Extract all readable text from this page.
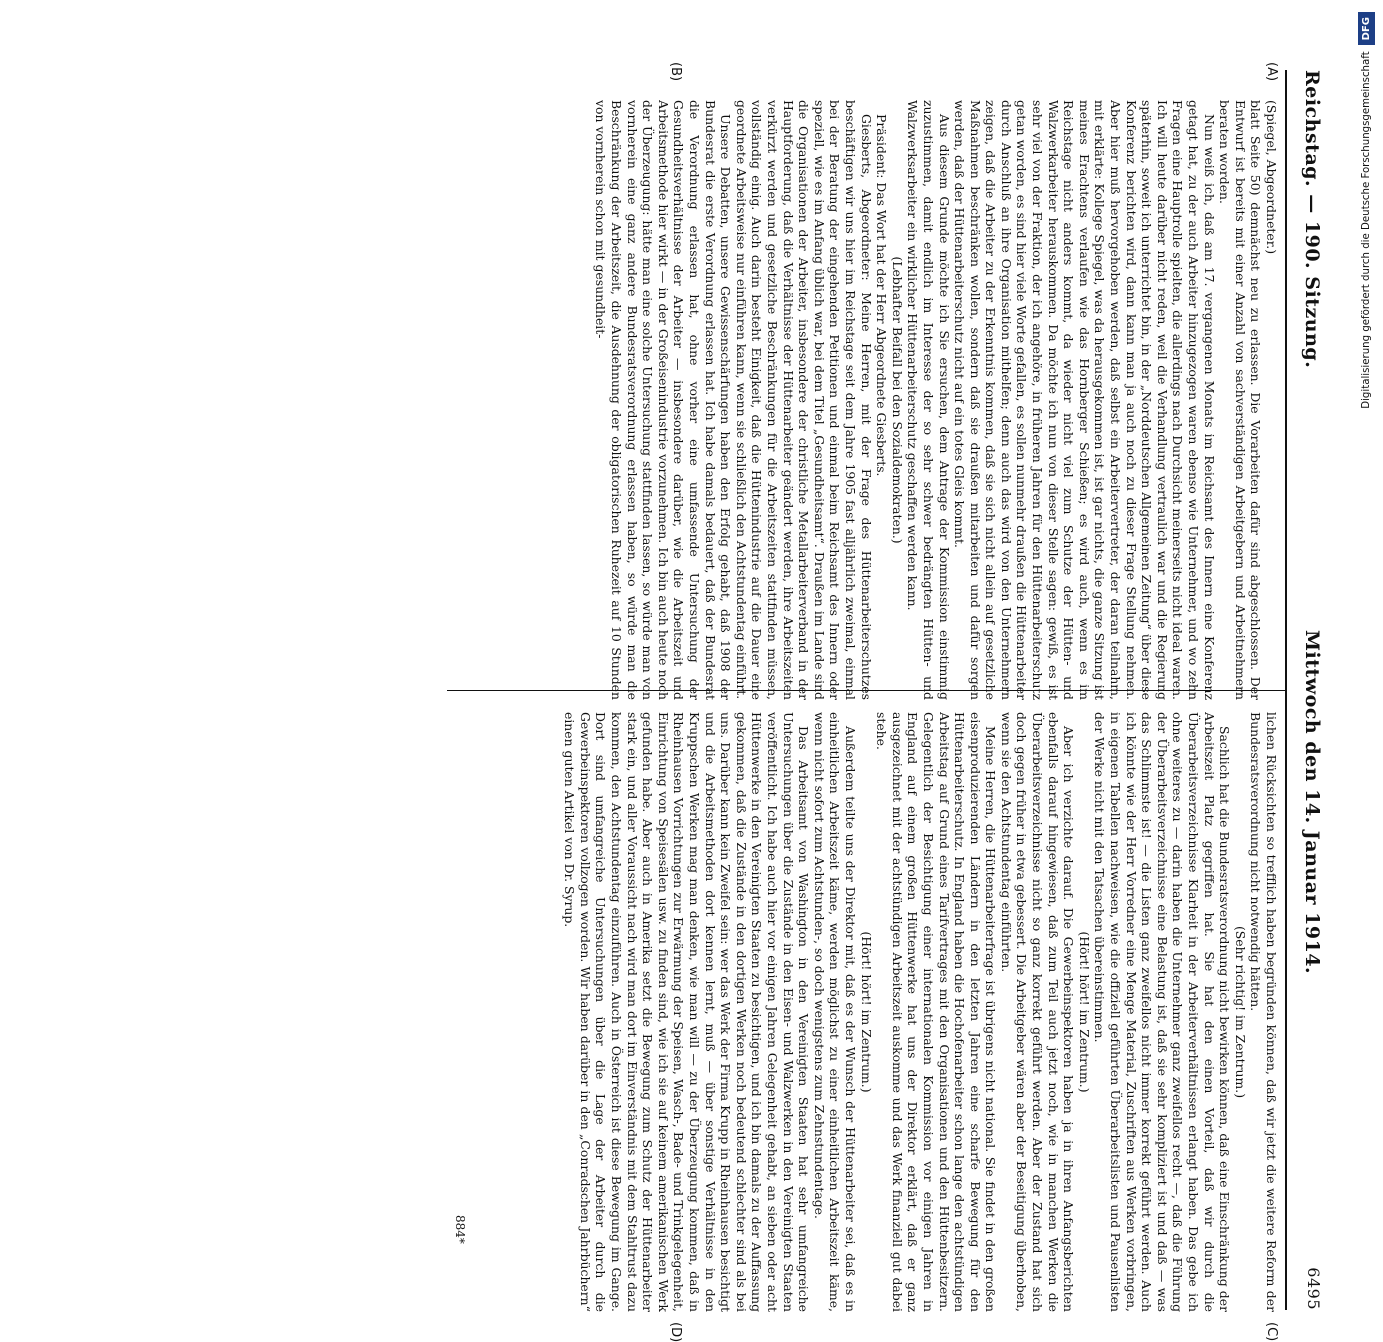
Reichstag. — 190. Sitzung.
Mittwoch den 14. Januar 1914.
6495
(A)
(B)
(C)
(D)

(Spiegel, Abgeordneter.)

blatt Seite 50) demnächst neu zu erlassen. Die Vorarbeiten dafür sind abgeschlossen. Der Entwurf ist bereits mit einer Anzahl von sachverständigen Arbeitgebern und Arbeitnehmern beraten worden.

Nun weiß ich, daß am 17. vergangenen Monats im Reichsamt des Innern eine Konferenz getagt hat, zu der auch Arbeiter hinzugezogen waren ebenso wie Unternehmer, und wo zehn Fragen eine Hauptrolle spielten, die allerdings nach Durchsicht meinerseits nicht ideal waren. Ich will heute darüber nicht reden, weil die Verhandlung vertraulich war und die Regierung späterhin, soweit ich unterrichtet bin, in der „Norddeutschen Allgemeinen Zeitung“ über diese Konferenz berichten wird, dann kann man ja auch noch zu dieser Frage Stellung nehmen. Aber hier muß hervorgehoben werden, daß selbst ein Arbeitervertreter, der daran teilnahm, mit erklärte: Kollege Spiegel, was da herausgekommen ist, ist gar nichts, die ganze Sitzung ist meines Erachtens verlaufen wie das Hornberger Schießen; es wird auch, wenn es im Reichstage nicht anders kommt, da wieder nicht viel zum Schutze der Hütten- und Walzwerkarbeiter herauskommen. Da möchte ich nun von dieser Stelle sagen: gewiß, es ist sehr viel von der Fraktion, der ich angehöre, in früheren Jahren für den Hüttenarbeiterschutz getan worden, es sind hier viele Worte gefallen, es sollen nunmehr draußen die Hüttenarbeiter durch Anschluß an ihre Organisation mithelfen; denn auch das wird von den Unternehmern zeigen, daß die Arbeiter zu der Erkenntnis kommen, daß sie sich nicht allein auf gesetzliche Maßnahmen beschränken wollen, sondern daß sie draußen mitarbeiten und dafür sorgen werden, daß der Hüttenarbeiterschutz nicht auf ein totes Gleis kommt.

Aus diesem Grunde möchte ich Sie ersuchen, dem Antrage der Kommission einstimmig zuzustimmen, damit endlich im Interesse der so sehr schwer bedrängten Hütten- und Walzwerksarbeiter ein wirklicher Hüttenarbeiterschutz geschaffen werden kann.

(Lebhafter Beifall bei den Sozialdemokraten.)

Präsident: Das Wort hat der Herr Abgeordnete Giesberts.

Giesberts, Abgeordneter: Meine Herren, mit der Frage des Hüttenarbeiterschutzes beschäftigen wir uns hier im Reichstage seit dem Jahre 1905 fast alljährlich zweimal, einmal bei der Beratung der eingehenden Petitionen und einmal beim Reichsamt des Innern oder speziell, wie es im Anfang üblich war, bei dem Titel „Gesundheitsamt“. Draußen im Lande sind die Organisationen der Arbeiter, insbesondere der christliche Metallarbeiterverband in der Hauptforderung, daß die Verhältnisse der Hüttenarbeiter geändert werden, ihre Arbeitszeiten verkürzt werden und gesetzliche Beschränkungen für die Arbeitszeiten stattfinden müssen, vollständig einig. Auch darin besteht Einigkeit, daß die Hüttenindustrie auf die Dauer eine geordnete Arbeitsweise nur einführen kann, wenn sie schließlich den Achtstundentag einführt.

Unsere Debatten, unsere Gewissenschärfungen haben den Erfolg gehabt, daß 1908 der Bundesrat die erste Verordnung erlassen hat. Ich habe damals bedauert, daß der Bundesrat die Verordnung erlassen hat, ohne vorher eine umfassende Untersuchung der Gesundheitsverhältnisse der Arbeiter — insbesondere darüber, wie die Arbeitszeit und Arbeitsmethode hier wirkt — in der Großeisenindustrie vorzunehmen. Ich bin auch heute noch der Überzeugung: hätte man eine solche Untersuchung stattfinden lassen, so würde man von vornherein eine ganz andere Bundesratsverordnung erlassen haben, so würde man die Beschränkung der Arbeitszeit, die Ausdehnung der obligatorischen Ruhezeit auf 10 Stunden von vornherein schon mit gesundheit-

lichen Rücksichten so trefflich haben begründen können, daß wir jetzt die weitere Reform der Bundesratsverordnung nicht notwendig hätten.

(Sehr richtig! im Zentrum.)

Sachlich hat die Bundesratsverordnung nicht bewirken können, daß eine Einschränkung der Arbeitszeit Platz gegriffen hat. Sie hat den einen Vorteil, daß wir durch die Überarbeitsverzeichnisse Klarheit in der Arbeiterverhältnissen erlangt haben. Das gebe ich ohne weiteres zu — darin haben die Unternehmer ganz zweifellos recht —, daß die Führung der Überarbeitsverzeichnisse eine Belastung ist, daß sie sehr kompliziert ist und daß — was das Schlimmste ist! — die Listen ganz zweifellos nicht immer korrekt geführt werden. Auch ich könnte wie der Herr Vorredner eine Menge Material, Zuschriften aus Werken vorbringen, in eigenen Tabellen nachweisen, wie die offiziell geführten Überarbeitslisten und Pausenlisten der Werke nicht mit den Tatsachen übereinstimmen.

(Hört! hört! im Zentrum.)

Aber ich verzichte darauf. Die Gewerbeinspektoren haben ja in ihren Anfangsberichten ebenfalls darauf hingewiesen, daß zum Teil auch jetzt noch, wie in manchen Werken die Überarbeitsverzeichnisse nicht so ganz korrekt geführt werden. Aber der Zustand hat sich doch gegen früher in etwa gebessert. Die Arbeitgeber wären aber der Beseitigung überhoben, wenn sie den Achtstundentag einführten.

Meine Herren, die Hüttenarbeiterfrage ist übrigens nicht national. Sie findet in den großen eisenproduzierenden Ländern in den letzten Jahren eine scharfe Bewegung für den Hüttenarbeiterschutz. In England haben die Hochofenarbeiter schon lange den achtstündigen Arbeitstag auf Grund eines Tarifvertrages mit den Organisationen und den Hüttenbesitzern. Gelegentlich der Besichtigung einer internationalen Kommission vor einigen Jahren in England auf einem großen Hüttenwerke hat uns der Direktor erklärt, daß er ganz ausgezeichnet mit der achtstündigen Arbeitszeit auskomme und das Werk finanziell gut dabei stehe.

(Hört! hört! im Zentrum.)

Außerdem teilte uns der Direktor mit, daß es der Wunsch der Hüttenarbeiter sei, daß es in einheitlichen Arbeitszeit käme, werden möglichst zu einer einheitlichen Arbeitszeit käme, wenn nicht sofort zum Achtstunden-, so doch wenigstens zum Zehnstundentage.

Das Arbeitsamt von Washington in den Vereinigten Staaten hat sehr umfangreiche Untersuchungen über die Zustände in den Eisen- und Walzwerken in den Vereinigten Staaten veröffentlicht. Ich habe auch hier vor einigen Jahren Gelegenheit gehabt, an sieben oder acht Hüttenwerke in den Vereinigten Staaten zu besichtigen, und ich bin damals zu der Auffassung gekommen, daß die Zustände in den dortigen Werken noch bedeutend schlechter sind als bei uns. Darüber kann kein Zweifel sein: wer das Werk der Firma Krupp in Rheinhausen besichtigt und die Arbeitsmethoden dort kennen lernt, muß — über sonstige Verhältnisse in den Kruppschen Werken mag man denken, wie man will — zu der Überzeugung kommen, daß in Rheinhausen Vorrichtungen zur Erwärmung der Speisen, Wasch-, Bade- und Trinkgelegenheit, Einrichtung von Speisesälen usw. zu finden sind, wie ich sie auf keinem amerikanischen Werk gefunden habe. Aber auch in Amerika setzt die Bewegung zum Schutz der Hüttenarbeiter stark ein, und aller Voraussicht nach wird man dort im Einverständnis mit dem Stahltrust dazu kommen, den Achtstundentag einzuführen. Auch in Österreich ist diese Bewegung im Gange. Dort sind umfangreiche Untersuchungen über die Lage der Arbeiter durch die Gewerbeinspektoren vollzogen worden. Wir haben darüber in den „Conradschen Jahrbüchern“ einen guten Artikel von Dr. Syrup.

884*
Digitalisierung gefördert durch die Deutsche Forschungsgemeinschaft
DFG
